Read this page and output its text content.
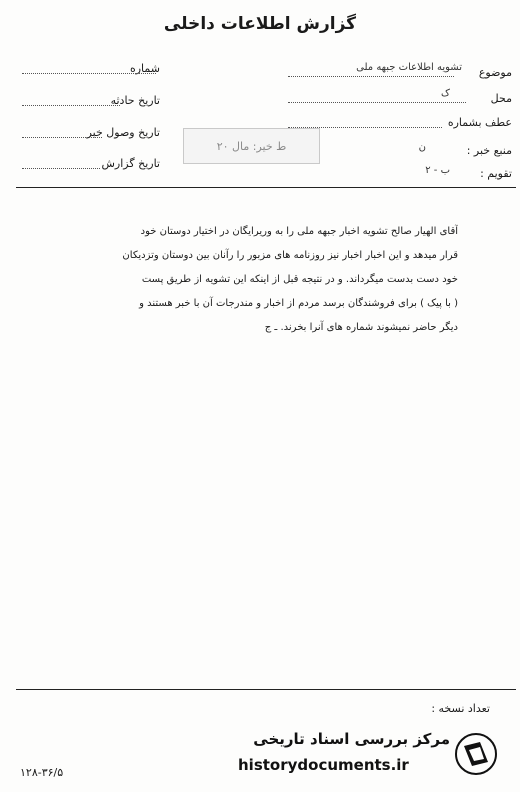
گزارش اطلاعات داخلی
موضوع
تشویه اطلاعات جبهه ملی
محل
ک
عطف بشماره
منبع خبر :
ن
تقویم :
ب - ۲
شماره
تاریخ حادثه
تاریخ وصول خبر
تاریخ گزارش
ط خیر: مال ۲۰
آقای الهیار صالح تشویه اخبار جبهه ملی را به وریرایگان در اختیار دوستان خود
قرار میدهد و این اخبار اخبار نیز روزنامه های مزبور را رآنان بین دوستان وتزدیکان
خود دست بدست میگرداند. و در نتیجه قبل از اینکه این تشویه از طریق پست
( با پیک ) برای فروشندگان برسد مردم از اخبار و مندرجات آن با خبر هستند و
دیگر حاضر نمیشوند شماره های آنرا بخرند. ـ ج
تعداد نسخه :
۱۲۸-۳۶/۵
مرکز بررسی اسناد تاریخی
historydocuments.ir
